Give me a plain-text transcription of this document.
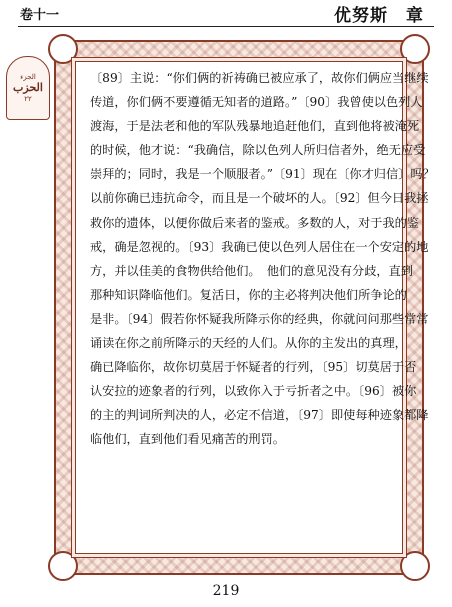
卷十一	优努斯　章
الجزء
الحزب
٢٢
〔89〕主说：“你们俩的祈祷确已被应承了，故你们俩应当继续
传道，你们俩不要遵循无知者的道路。”〔90〕我曾使以色列人
渡海，于是法老和他的军队残暴地追赶他们，直到他将被淹死
的时候，他才说：“我确信，除以色列人所归信者外，绝无应受
崇拜的；同时，我是一个顺服者。”〔91〕现在〔你才归信〕吗？
以前你确已违抗命令，而且是一个破坏的人。〔92〕但今日我拯
救你的遗体，以便你做后来者的鉴戒。多数的人，对于我的鉴
戒，确是忽视的。〔93〕我确已使以色列人居住在一个安定的地
方，并以佳美的食物供给他们。　他们的意见没有分歧，直到
那种知识降临他们。复活日，你的主必将判决他们所争论的
是非。〔94〕假若你怀疑我所降示你的经典，你就问问那些常常
诵读在你之前所降示的天经的人们。从你的主发出的真理，
确已降临你，故你切莫居于怀疑者的行列，〔95〕切莫居于否
认安拉的迹象者的行列，以致你入于亏折者之中。〔96〕被你
的主的判词所判决的人，必定不信道，〔97〕即使每种迹象都降
临他们，直到他们看见痛苦的刑罚。
219
